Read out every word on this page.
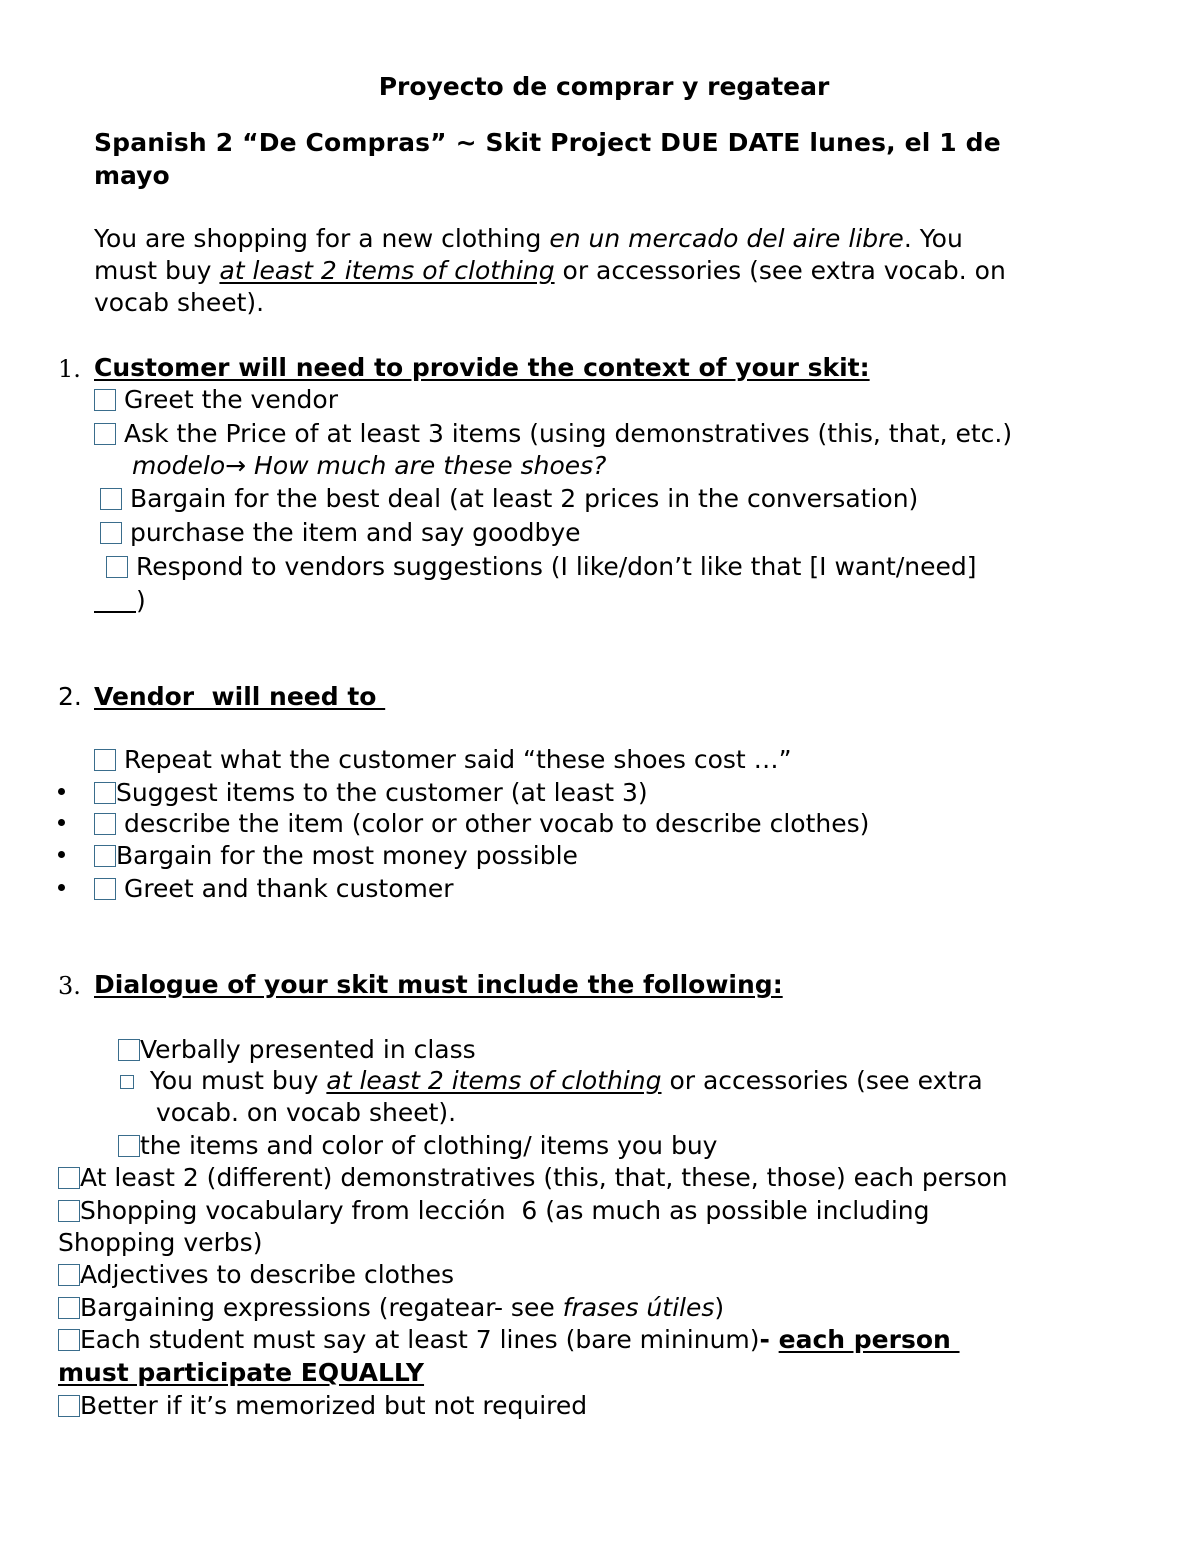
Proyecto de comprar y regatear
Spanish 2 “De Compras” ~ Skit Project DUE DATE lunes, el 1 de
mayo
You are shopping for a new clothing en un mercado del aire libre. You
must buy at least 2 items of clothing or accessories (see extra vocab. on
vocab sheet).
1. Customer will need to provide the context of your skit:
Greet the vendor
Ask the Price of at least 3 items (using demonstratives (this, that, etc.)
modelo→ How much are these shoes?
Bargain for the best deal (at least 2 prices in the conversation)
purchase the item and say goodbye
Respond to vendors suggestions (I like/don’t like that [I want/need]
)
2. Vendor  will need to
Repeat what the customer said “these shoes cost …”
Suggest items to the customer (at least 3)
describe the item (color or other vocab to describe clothes)
Bargain for the most money possible
Greet and thank customer
3. Dialogue of your skit must include the following:
Verbally presented in class
You must buy at least 2 items of clothing or accessories (see extra
vocab. on vocab sheet).
the items and color of clothing/ items you buy
At least 2 (different) demonstratives (this, that, these, those) each person
Shopping vocabulary from lección  6 (as much as possible including
Shopping verbs)
Adjectives to describe clothes
Bargaining expressions (regatear- see frases útiles)
Each student must say at least 7 lines (bare mininum)- each person
must participate EQUALLY
Better if it’s memorized but not required
